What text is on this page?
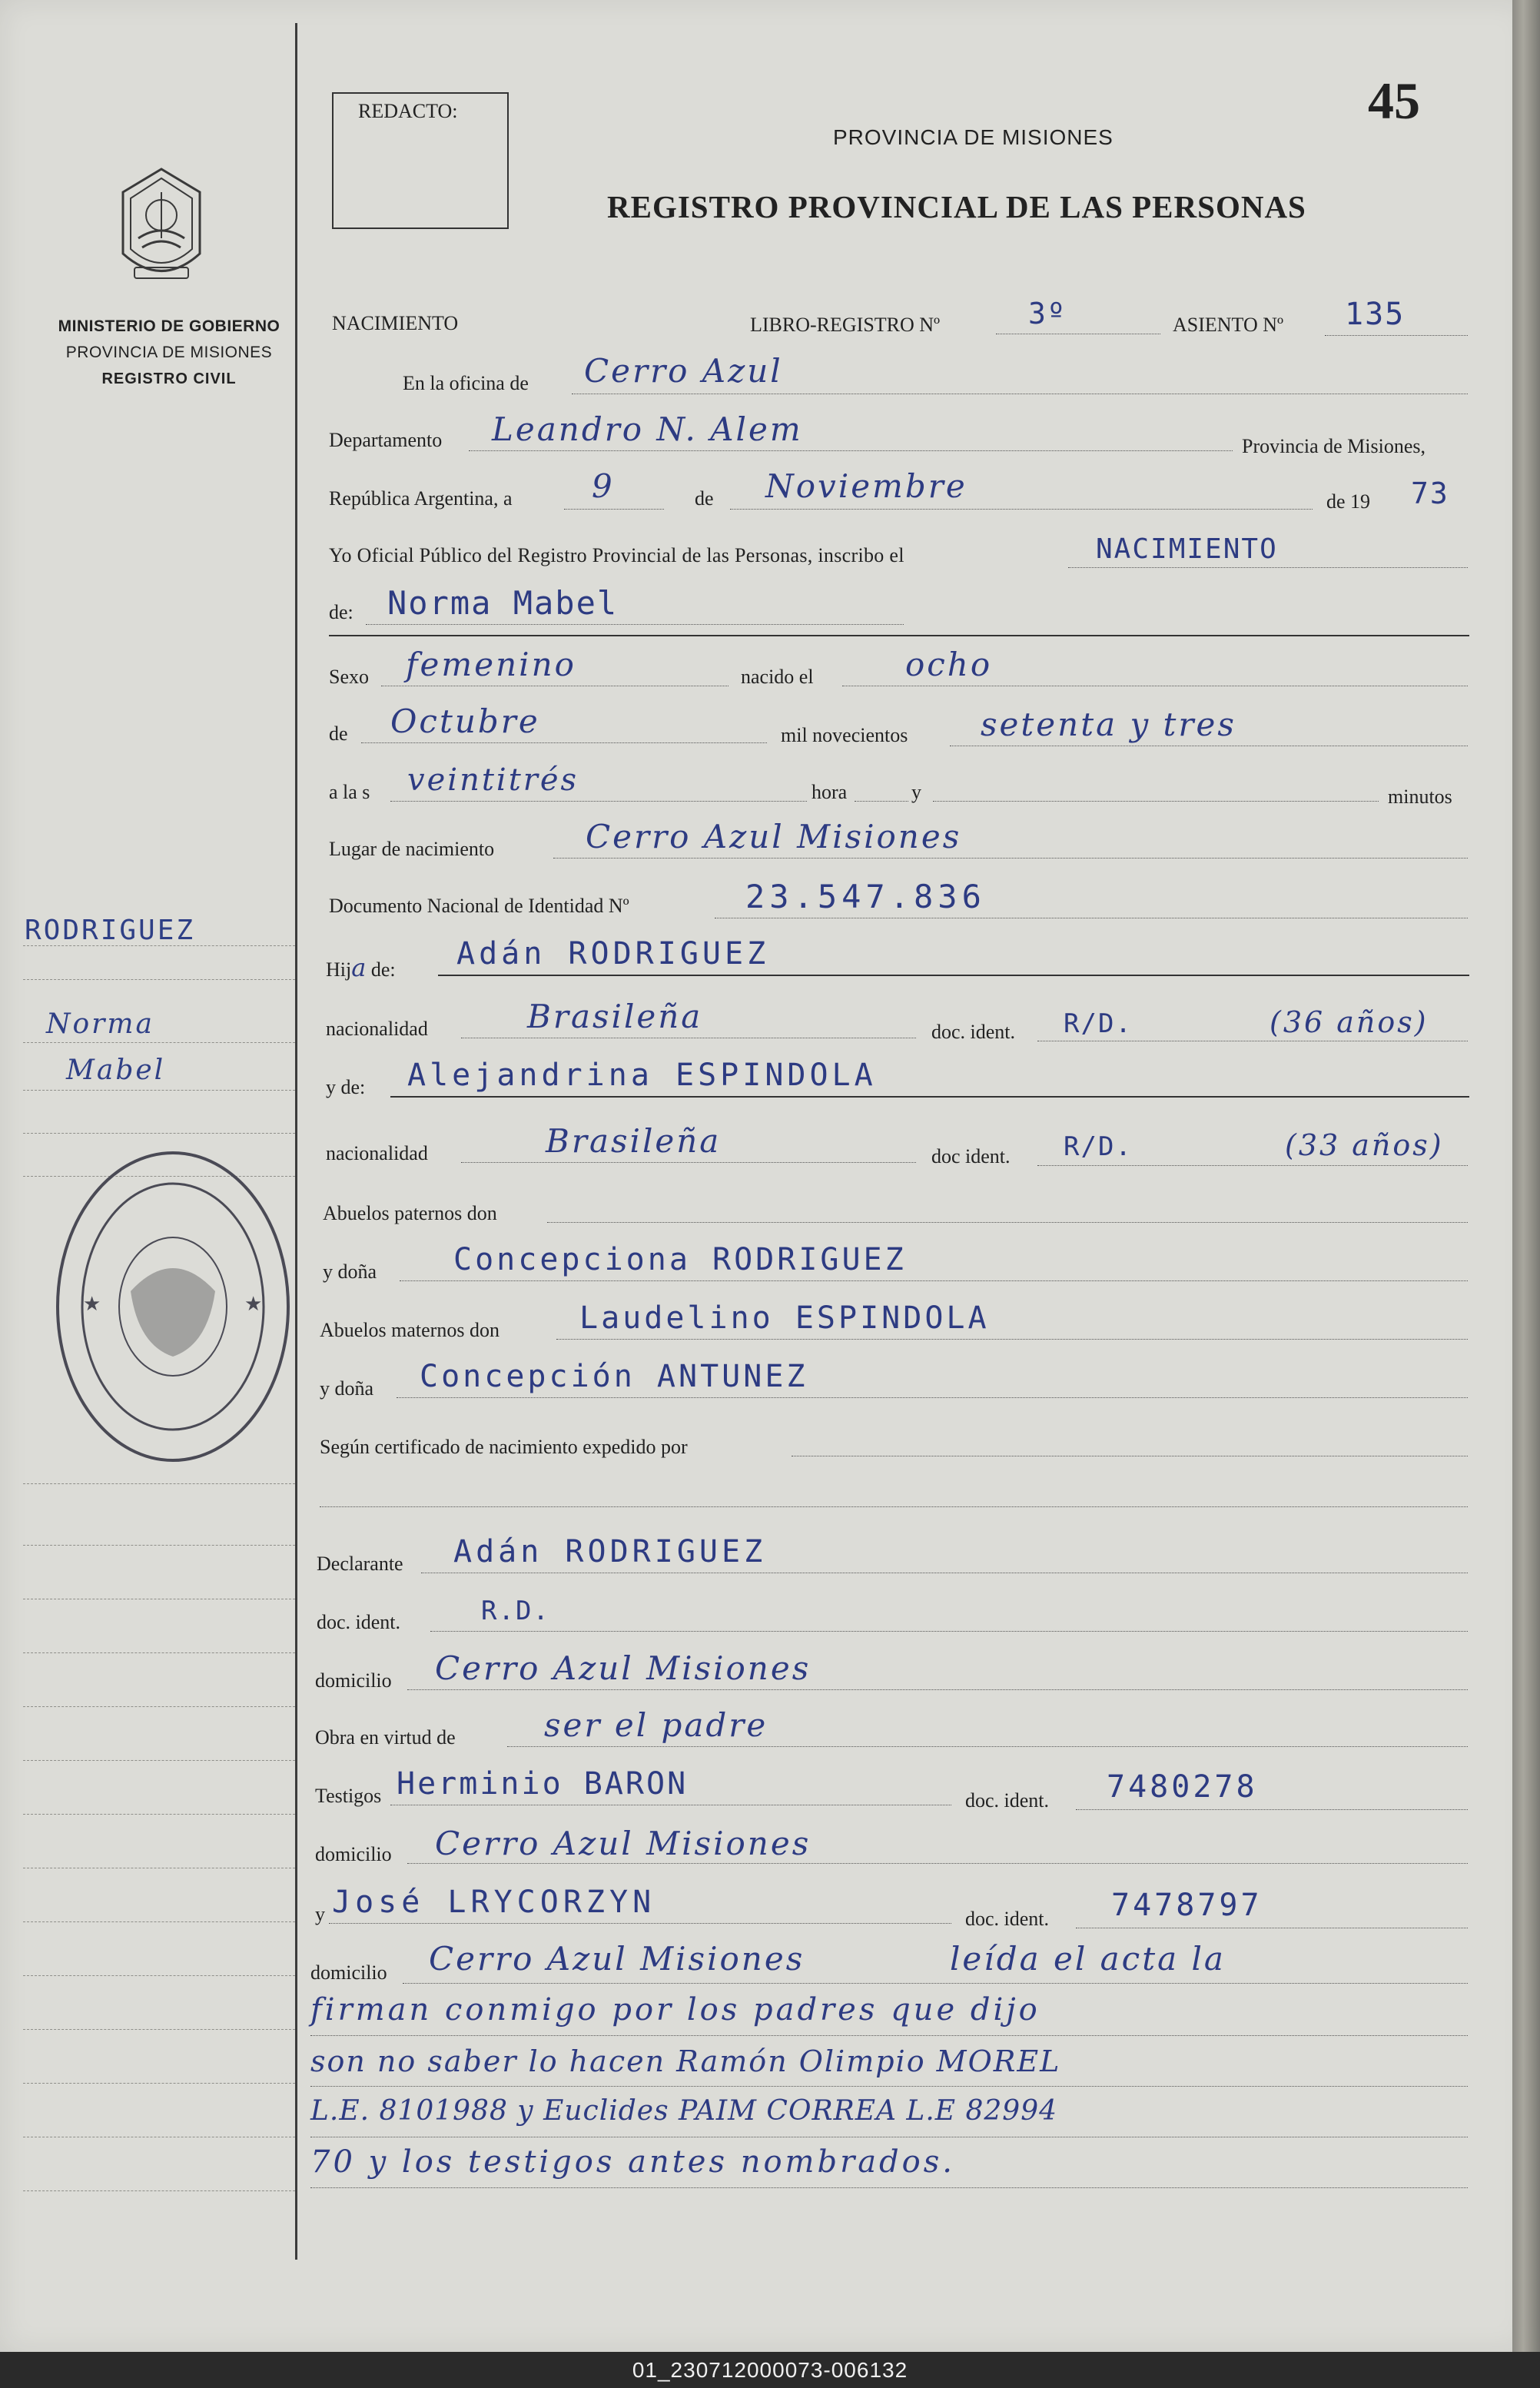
MINISTERIO DE GOBIERNO
PROVINCIA DE MISIONES
REGISTRO CIVIL
RODRIGUEZ
Norma
Mabel
★	★
REDACTO:	45
PROVINCIA DE MISIONES
REGISTRO PROVINCIAL DE LAS PERSONAS
NACIMIENTO	LIBRO-REGISTRO Nº	3º	ASIENTO Nº 135
En la oficina de Cerro Azul
Departamento Leandro N. Alem	Provincia de Misiones,
República Argentina, a 9	de Noviembre	de 19 73
Yo Oficial Público del Registro Provincial de las Personas, inscribo el	NACIMIENTO
de: Norma Mabel
Sexo femenino	nacido el	ocho
de Octubre	mil novecientos setenta y tres
a la s veintitrés	hora	y	minutos
Lugar de nacimiento	Cerro Azul Misiones
Documento Nacional de Identidad Nº	23.547.836
Hija de: Adán RODRIGUEZ
nacionalidad	Brasileña	doc. ident. R/D.	(36 años)
y de: Alejandrina ESPINDOLA
nacionalidad	Brasileña	doc ident. R/D.	(33 años)
Abuelos paternos don
y doña Concepciona RODRIGUEZ
Abuelos maternos don	Laudelino ESPINDOLA
y doña Concepción ANTUNEZ
Según certificado de nacimiento expedido por
Declarante Adán RODRIGUEZ
doc. ident.	R.D.
domicilio Cerro Azul Misiones
Obra en virtud de	ser el padre
Testigos Herminio BARON	doc. ident. 7480278
domicilio Cerro Azul Misiones
y José LRYCORZYN	doc. ident. 7478797
domicilio Cerro Azul Misiones	leída el acta la
firman conmigo por los padres que dijo
son no saber lo hacen Ramón Olimpio MOREL
L.E. 8101988 y Euclides PAIM CORREA L.E 82994
70 y los testigos antes nombrados.
01_230712000073-006132
